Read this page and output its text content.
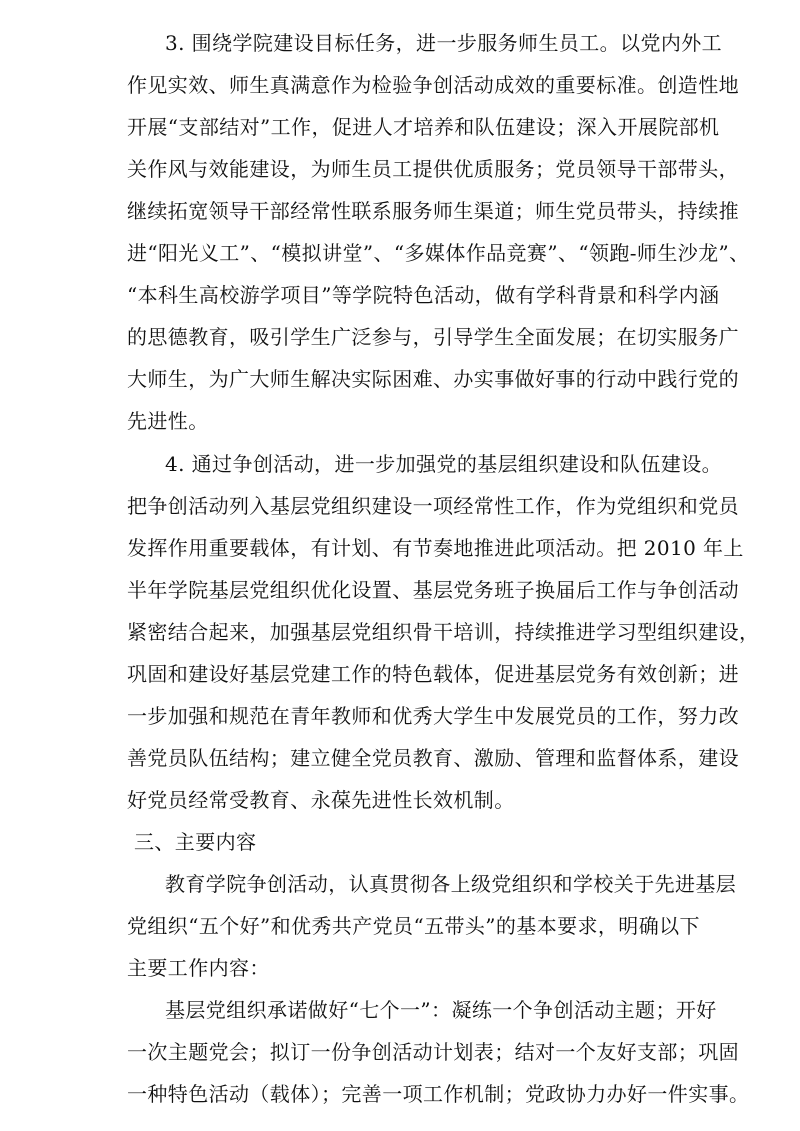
3. 围绕学院建设目标任务，进一步服务师生员工。以党内外工
作见实效、师生真满意作为检验争创活动成效的重要标准。创造性地
开展“支部结对”工作，促进人才培养和队伍建设；深入开展院部机
关作风与效能建设，为师生员工提供优质服务；党员领导干部带头，
继续拓宽领导干部经常性联系服务师生渠道；师生党员带头，持续推
进“阳光义工”、“模拟讲堂”、“多媒体作品竞赛”、“领跑-师生沙龙”、
“本科生高校游学项目”等学院特色活动，做有学科背景和科学内涵
的思德教育，吸引学生广泛参与，引导学生全面发展；在切实服务广
大师生，为广大师生解决实际困难、办实事做好事的行动中践行党的
先进性。
4. 通过争创活动，进一步加强党的基层组织建设和队伍建设。
把争创活动列入基层党组织建设一项经常性工作，作为党组织和党员
发挥作用重要载体，有计划、有节奏地推进此项活动。把 2010 年上
半年学院基层党组织优化设置、基层党务班子换届后工作与争创活动
紧密结合起来，加强基层党组织骨干培训，持续推进学习型组织建设，
巩固和建设好基层党建工作的特色载体，促进基层党务有效创新；进
一步加强和规范在青年教师和优秀大学生中发展党员的工作，努力改
善党员队伍结构；建立健全党员教育、激励、管理和监督体系，建设
好党员经常受教育、永葆先进性长效机制。
三、主要内容
教育学院争创活动，认真贯彻各上级党组织和学校关于先进基层
党组织“五个好”和优秀共产党员“五带头”的基本要求，明确以下
主要工作内容：
基层党组织承诺做好“七个一”：凝练一个争创活动主题；开好
一次主题党会；拟订一份争创活动计划表；结对一个友好支部；巩固
一种特色活动（载体）；完善一项工作机制；党政协力办好一件实事。
